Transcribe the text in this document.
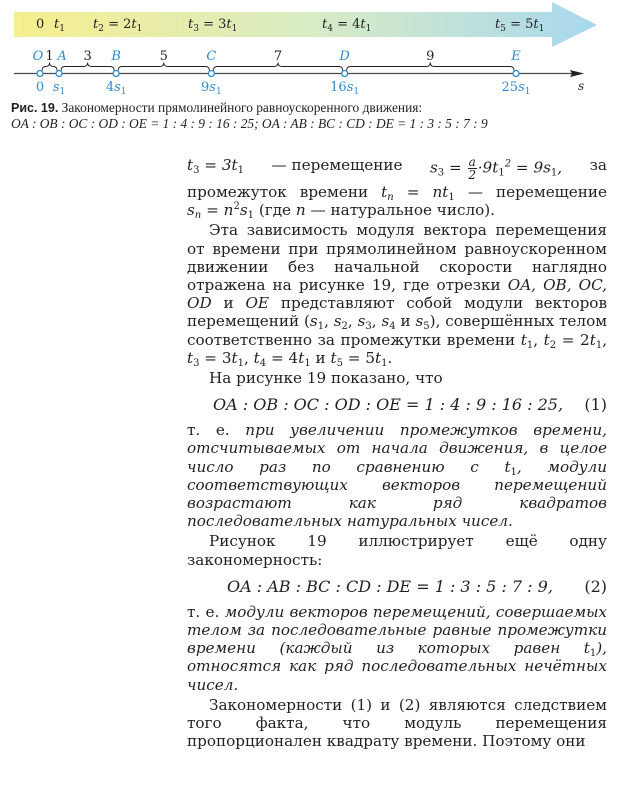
0 $t_1$ $t_2 = 2t_1$	$t_3 = 3t_1$	$t_4 = 4t_1$	$t_5 = 5t_1$
s
1 3	5	7	9
O
0
A
$s_1$
B
$4s_1$
C
$9s_1$
D
$16s_1$
E
$25s_1$
Рис. 19. Закономерности прямолинейного равноускоренного движения:
OA : OB : OC : OD : OE = 1 : 4 : 9 : 16 : 25; OA : AB : BC : CD : DE = 1 : 3 : 5 : 7 : 9

$t_3 = 3t_1$ — перемещение $s_3 = \frac{a}{2} \cdot 9t_1^2 = 9s_1$, за

промежуток времени $t_n = nt_1$ — перемещение

$s_n = n^2s_1$ (где n — натуральное число).

Эта зависимость модуля вектора перемещения от времени при прямолинейном равноускоренном движении без начальной скорости наглядно отражена на рисунке 19, где отрезки OA, OB, OC, OD и OE представляют собой модули векторов перемещений ($s_1$, $s_2$, $s_3$, $s_4$ и $s_5$), совершённых телом соответственно за промежутки времени $t_1$, $t_2 = 2t_1$, $t_3 = 3t_1$, $t_4 = 4t_1$ и $t_5 = 5t_1$.

На рисунке 19 показано, что

OA : OB : OC : OD : OE = 1 : 4 : 9 : 16 : 25, (1)

т. е. при увеличении промежутков времени, отсчитываемых от начала движения, в целое число раз по сравнению с $t_1$, модули соответствующих векторов перемещений возрастают как ряд квадратов последовательных натуральных чисел.

Рисунок 19 иллюстрирует ещё одну закономерность:

OA : AB : BC : CD : DE = 1 : 3 : 5 : 7 : 9, (2)

т. е. модули векторов перемещений, совершаемых телом за последовательные равные промежутки времени (каждый из которых равен $t_1$), относятся как ряд последовательных нечётных чисел.

Закономерности (1) и (2) являются следствием того факта, что модуль перемещения пропорционален квадрату времени. Поэтому они
